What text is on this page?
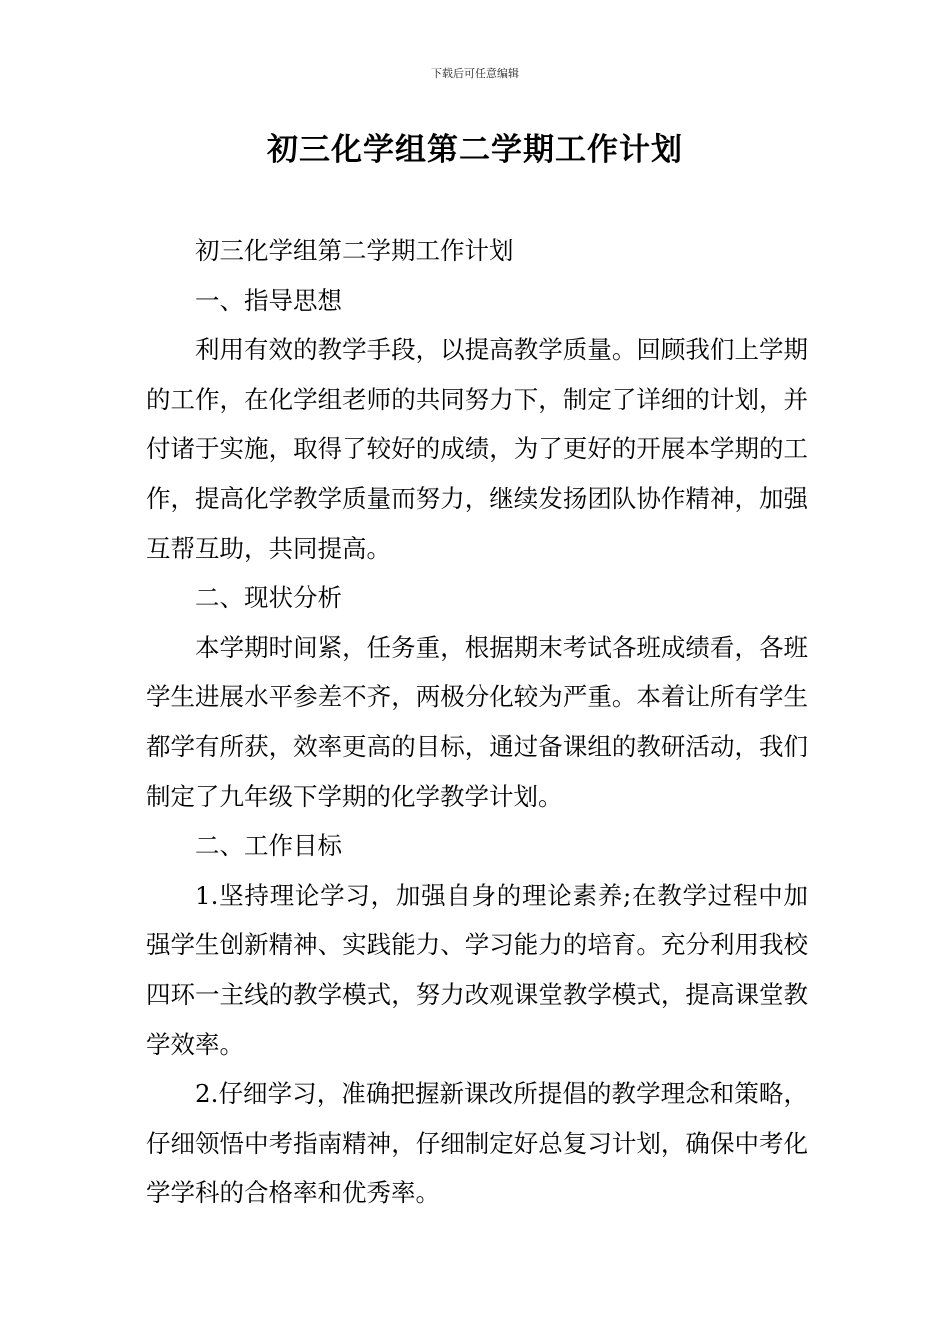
下载后可任意编辑
初三化学组第二学期工作计划

初三化学组第二学期工作计划

一、指导思想

利用有效的教学手段，以提高教学质量。回顾我们上学期的工作，在化学组老师的共同努力下，制定了详细的计划，并付诸于实施，取得了较好的成绩，为了更好的开展本学期的工作，提高化学教学质量而努力，继续发扬团队协作精神，加强互帮互助，共同提高。

二、现状分析

本学期时间紧，任务重，根据期末考试各班成绩看，各班学生进展水平参差不齐，两极分化较为严重。本着让所有学生都学有所获，效率更高的目标，通过备课组的教研活动，我们制定了九年级下学期的化学教学计划。

二、工作目标

1.坚持理论学习，加强自身的理论素养;在教学过程中加强学生创新精神、实践能力、学习能力的培育。充分利用我校四环一主线的教学模式，努力改观课堂教学模式，提高课堂教学效率。

2.仔细学习，准确把握新课改所提倡的教学理念和策略，仔细领悟中考指南精神，仔细制定好总复习计划，确保中考化学学科的合格率和优秀率。
